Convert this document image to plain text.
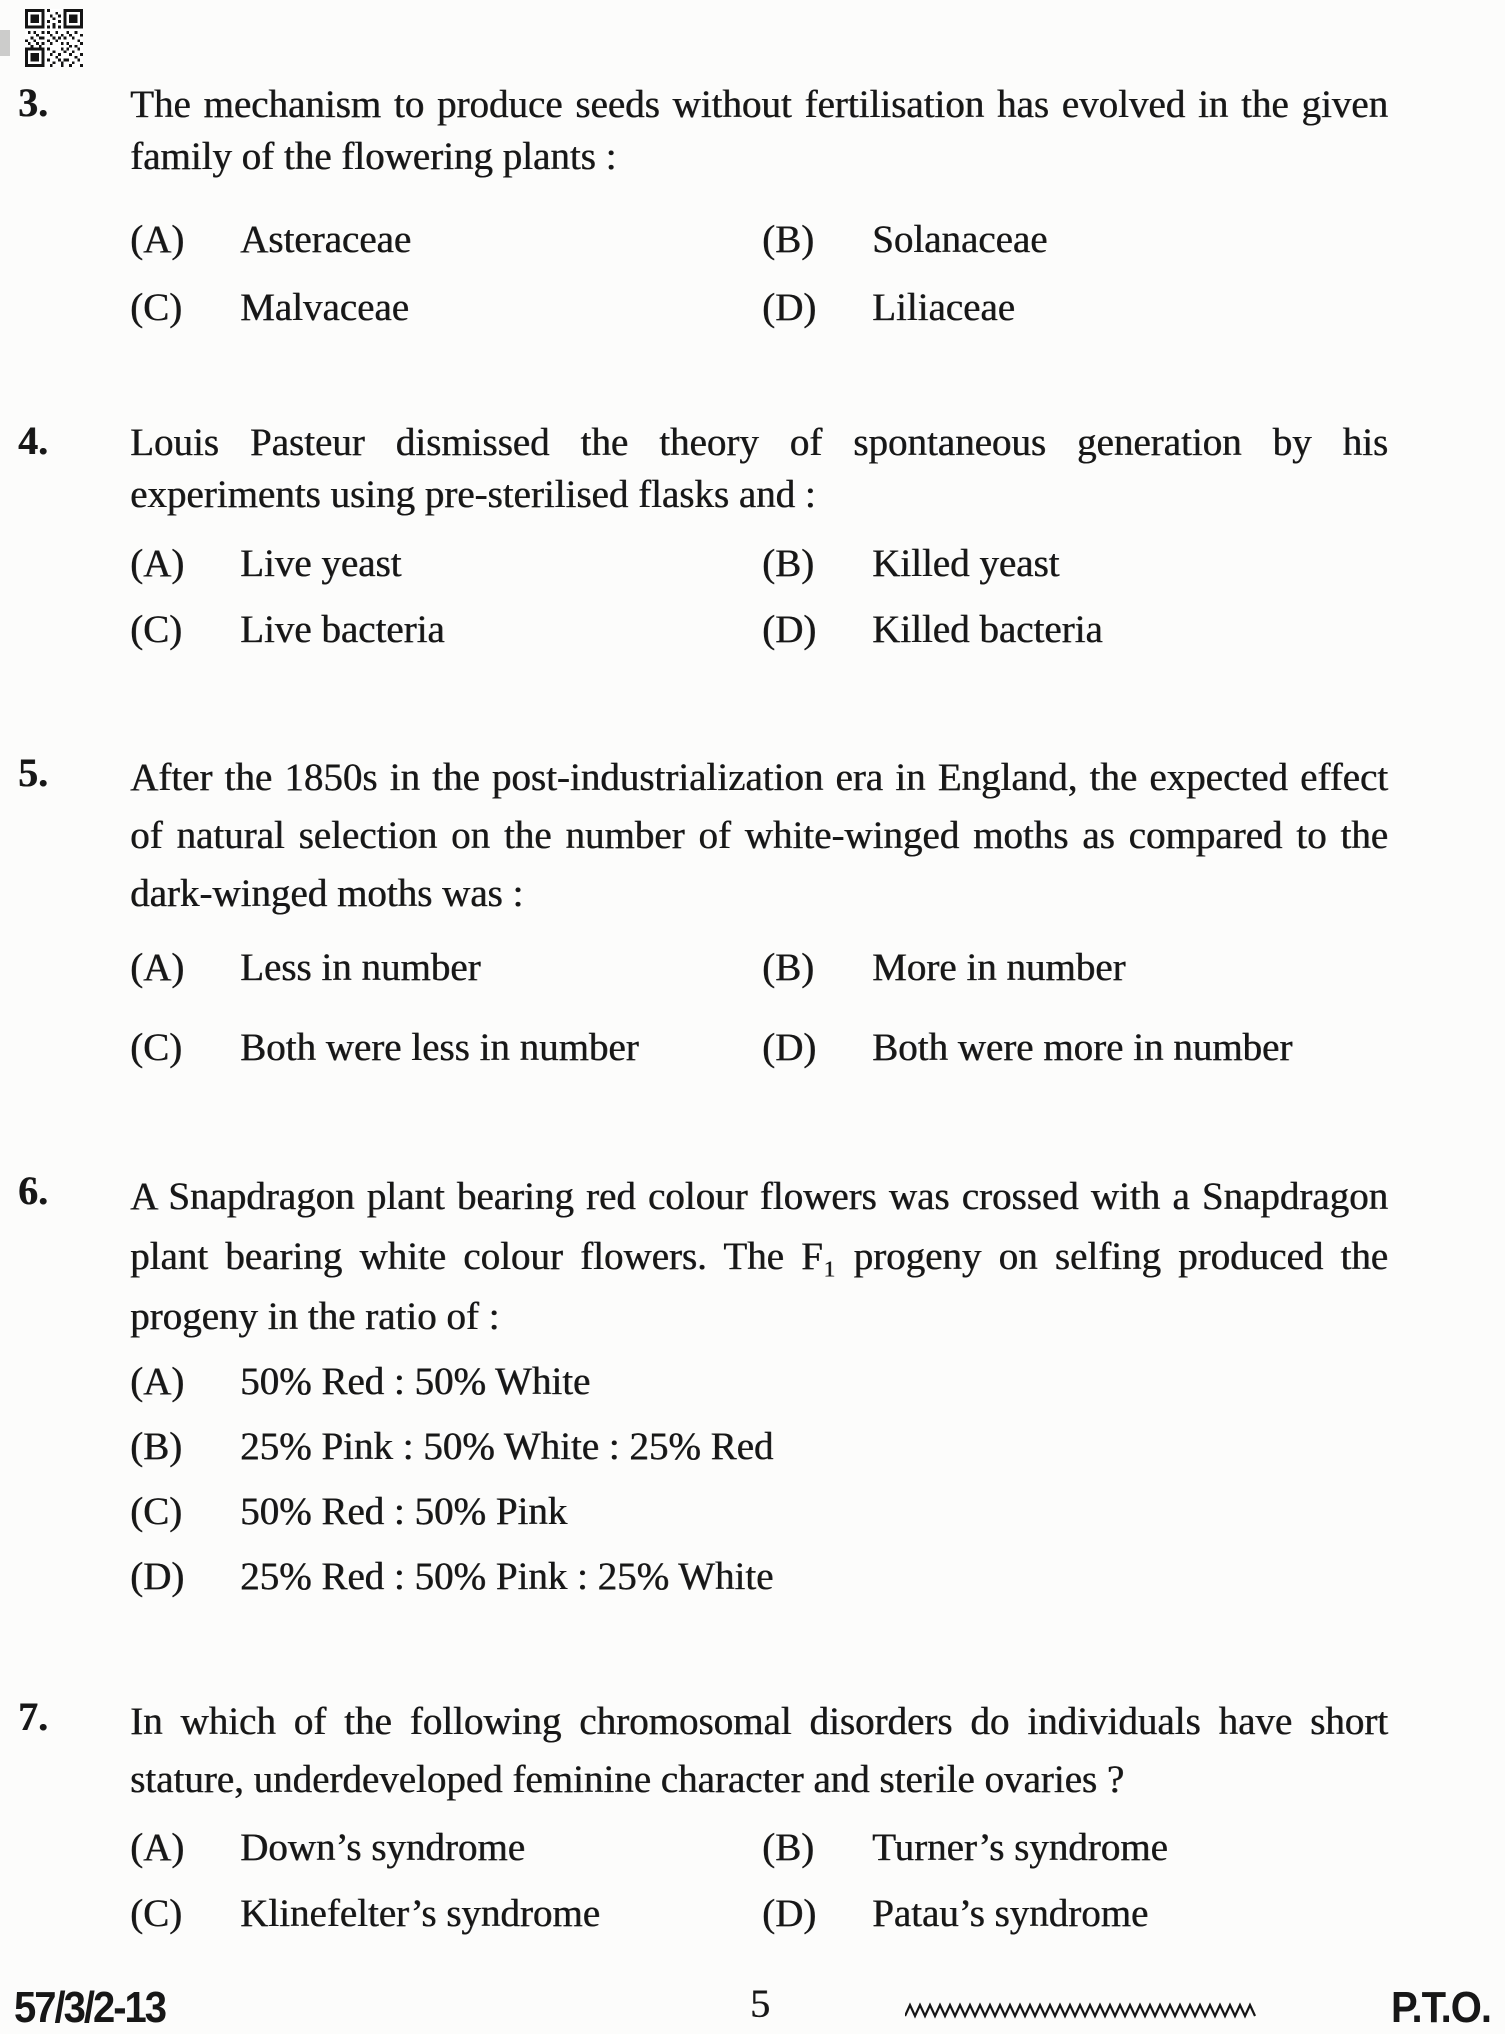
3.	The mechanism to produce seeds without fertilisation has evolved in the given family of the flowering plants :

(A)	Asteraceae	(B)	Solanaceae
(C)	Malvaceae	(D)	Liliaceae
4.	Louis Pasteur dismissed the theory of spontaneous generation by his experiments using pre-sterilised flasks and :

(A)	Live yeast	(B)	Killed yeast
(C)	Live bacteria	(D)	Killed bacteria
5.	After the 1850s in the post-industrialization era in England, the expected effect of natural selection on the number of white-winged moths as compared to the dark-winged moths was :

(A)	Less in number	(B)	More in number
(C)	Both were less in number	(D)	Both were more in number
6.	A Snapdragon plant bearing red colour flowers was crossed with a Snapdragon plant bearing white colour flowers. The F₁ progeny on selfing produced the progeny in the ratio of :

(A)	50% Red : 50% White
(B)	25% Pink : 50% White : 25% Red
(C)	50% Red : 50% Pink
(D)	25% Red : 50% Pink : 25% White
7.	In which of the following chromosomal disorders do individuals have short stature, underdeveloped feminine character and sterile ovaries ?

(A)	Down’s syndrome	(B)	Turner’s syndrome
(C)	Klinefelter’s syndrome	(D)	Patau’s syndrome
57/3/2-13	5	P.T.O.
